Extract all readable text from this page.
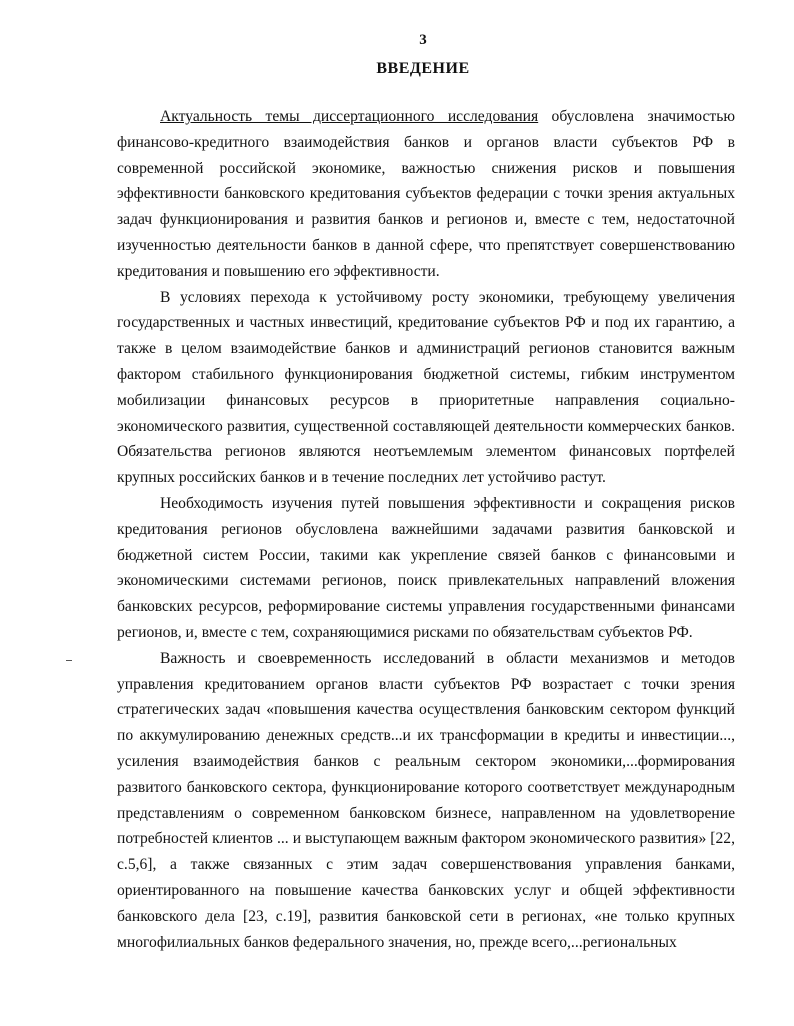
3
ВВЕДЕНИЕ

Актуальность темы диссертационного исследования обусловлена значимостью финансово-кредитного взаимодействия банков и органов власти субъектов РФ в современной российской экономике, важностью снижения рисков и повышения эффективности банковского кредитования субъектов федерации с точки зрения актуальных задач функционирования и развития банков и регионов и, вместе с тем, недостаточной изученностью деятельности банков в данной сфере, что препятствует совершенствованию кредитования и повышению его эффективности.

В условиях перехода к устойчивому росту экономики, требующему увеличения государственных и частных инвестиций, кредитование субъектов РФ и под их гарантию, а также в целом взаимодействие банков и администраций регионов становится важным фактором стабильного функционирования бюджетной системы, гибким инструментом мобилизации финансовых ресурсов в приоритетные направления социально-экономического развития, существенной составляющей деятельности коммерческих банков. Обязательства регионов являются неотъемлемым элементом финансовых портфелей крупных российских банков и в течение последних лет устойчиво растут.

Необходимость изучения путей повышения эффективности и сокращения рисков кредитования регионов обусловлена важнейшими задачами развития банковской и бюджетной систем России, такими как укрепление связей банков с финансовыми и экономическими системами регионов, поиск привлекательных направлений вложения банковских ресурсов, реформирование системы управления государственными финансами регионов, и, вместе с тем, сохраняющимися рисками по обязательствам субъектов РФ.

Важность и своевременность исследований в области механизмов и методов управления кредитованием органов власти субъектов РФ возрастает с точки зрения стратегических задач «повышения качества осуществления банковским сектором функций по аккумулированию денежных средств...и их трансформации в кредиты и инвестиции..., усиления взаимодействия банков с реальным сектором экономики,...формирования развитого банковского сектора, функционирование которого соответствует международным представлениям о современном банковском бизнесе, направленном на удовлетворение потребностей клиентов ... и выступающем важным фактором экономического развития» [22, с.5,6], а также связанных с этим задач совершенствования управления банками, ориентированного на повышение качества банковских услуг и общей эффективности банковского дела [23, с.19], развития банковской сети в регионах, «не только крупных многофилиальных банков федерального значения, но, прежде всего,...региональных
